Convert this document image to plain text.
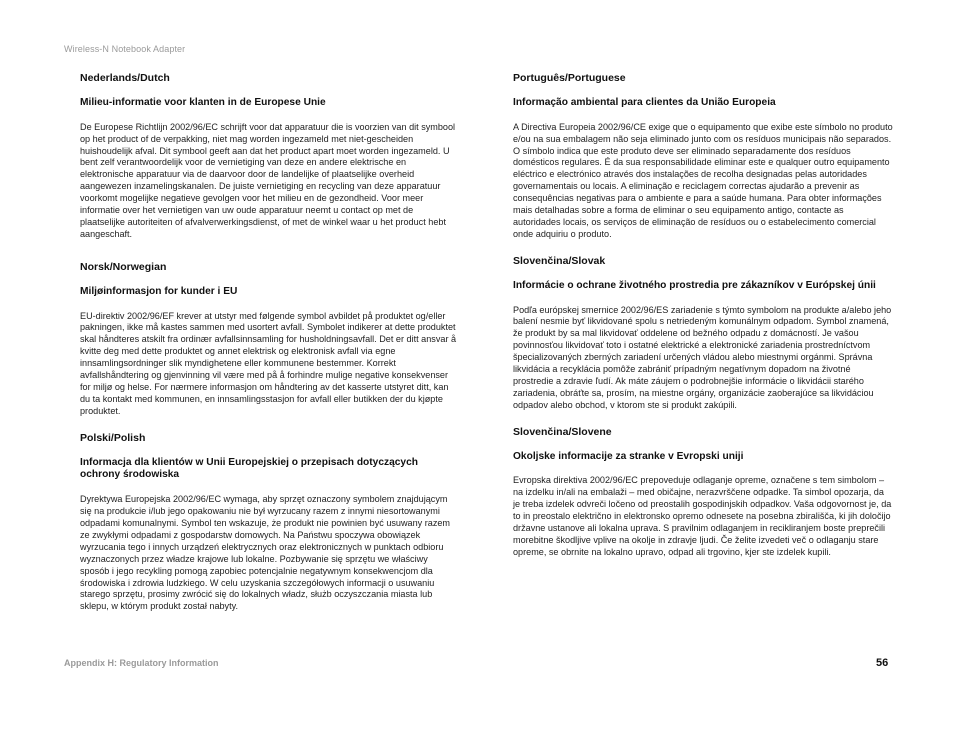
Wireless-N Notebook Adapter
Nederlands/Dutch
Milieu-informatie voor klanten in de Europese Unie

De Europese Richtlijn 2002/96/EC schrijft voor dat apparatuur die is voorzien van dit symbool op het product of de verpakking, niet mag worden ingezameld met niet-gescheiden huishoudelijk afval. Dit symbool geeft aan dat het product apart moet worden ingezameld. U bent zelf verantwoordelijk voor de vernietiging van deze en andere elektrische en elektronische apparatuur via de daarvoor door de landelijke of plaatselijke overheid aangewezen inzamelingskanalen. De juiste vernietiging en recycling van deze apparatuur voorkomt mogelijke negatieve gevolgen voor het milieu en de gezondheid. Voor meer informatie over het vernietigen van uw oude apparatuur neemt u contact op met de plaatselijke autoriteiten of afvalverwerkingsdienst, of met de winkel waar u het product hebt aangeschaft.

Norsk/Norwegian
Miljøinformasjon for kunder i EU

EU-direktiv 2002/96/EF krever at utstyr med følgende symbol avbildet på produktet og/eller pakningen, ikke må kastes sammen med usortert avfall. Symbolet indikerer at dette produktet skal håndteres atskilt fra ordinær avfallsinnsamling for husholdningsavfall. Det er ditt ansvar å kvitte deg med dette produktet og annet elektrisk og elektronisk avfall via egne innsamlingsordninger slik myndighetene eller kommunene bestemmer. Korrekt avfallshåndtering og gjenvinning vil være med på å forhindre mulige negative konsekvenser for miljø og helse. For nærmere informasjon om håndtering av det kasserte utstyret ditt, kan du ta kontakt med kommunen, en innsamlingsstasjon for avfall eller butikken der du kjøpte produktet.

Polski/Polish
Informacja dla klientów w Unii Europejskiej o przepisach dotyczących ochrony środowiska

Dyrektywa Europejska 2002/96/EC wymaga, aby sprzęt oznaczony symbolem znajdującym się na produkcie i/lub jego opakowaniu nie był wyrzucany razem z innymi niesortowanymi odpadami komunalnymi. Symbol ten wskazuje, że produkt nie powinien być usuwany razem ze zwykłymi odpadami z gospodarstw domowych. Na Państwu spoczywa obowiązek wyrzucania tego i innych urządzeń elektrycznych oraz elektronicznych w punktach odbioru wyznaczonych przez władze krajowe lub lokalne. Pozbywanie się sprzętu we właściwy sposób i jego recykling pomogą zapobiec potencjalnie negatywnym konsekwencjom dla środowiska i zdrowia ludzkiego. W celu uzyskania szczegółowych informacji o usuwaniu starego sprzętu, prosimy zwrócić się do lokalnych władz, służb oczyszczania miasta lub sklepu, w którym produkt został nabyty.

Português/Portuguese
Informação ambiental para clientes da União Europeia

A Directiva Europeia 2002/96/CE exige que o equipamento que exibe este símbolo no produto e/ou na sua embalagem não seja eliminado junto com os resíduos municipais não separados. O símbolo indica que este produto deve ser eliminado separadamente dos resíduos domésticos regulares. É da sua responsabilidade eliminar este e qualquer outro equipamento eléctrico e electrónico através dos instalações de recolha designadas pelas autoridades governamentais ou locais. A eliminação e reciclagem correctas ajudarão a prevenir as consequências negativas para o ambiente e para a saúde humana. Para obter informações mais detalhadas sobre a forma de eliminar o seu equipamento antigo, contacte as autoridades locais, os serviços de eliminação de resíduos ou o estabelecimento comercial onde adquiriu o produto.

Slovenčina/Slovak
Informácie o ochrane životného prostredia pre zákazníkov v Európskej únii

Podľa európskej smernice 2002/96/ES zariadenie s týmto symbolom na produkte a/alebo jeho balení nesmie byť likvidované spolu s netriedeným komunálnym odpadom. Symbol znamená, že produkt by sa mal likvidovať oddelene od bežného odpadu z domácností. Je vašou povinnosťou likvidovať toto i ostatné elektrické a elektronické zariadenia prostredníctvom špecializovaných zberných zariadení určených vládou alebo miestnymi orgánmi. Správna likvidácia a recyklácia pomôže zabrániť prípadným negatívnym dopadom na životné prostredie a zdravie ľudí. Ak máte záujem o podrobnejšie informácie o likvidácii starého zariadenia, obráťte sa, prosím, na miestne orgány, organizácie zaoberajúce sa likvidáciou odpadov alebo obchod, v ktorom ste si produkt zakúpili.

Slovenčina/Slovene
Okoljske informacije za stranke v Evropski uniji

Evropska direktiva 2002/96/EC prepoveduje odlaganje opreme, označene s tem simbolom – na izdelku in/ali na embalaži – med običajne, nerazvrščene odpadke. Ta simbol opozarja, da je treba izdelek odvreči ločeno od preostalih gospodinjskih odpadkov. Vaša odgovornost je, da to in preostalo električno in elektronsko opremo odnesete na posebna zbirališča, ki jih določijo državne ustanove ali lokalna uprava. S pravilnim odlaganjem in recikliranjem boste preprečili morebitne škodljive vplive na okolje in zdravje ljudi. Če želite izvedeti več o odlaganju stare opreme, se obrnite na lokalno upravo, odpad ali trgovino, kjer ste izdelek kupili.

Appendix H: Regulatory Information	56
